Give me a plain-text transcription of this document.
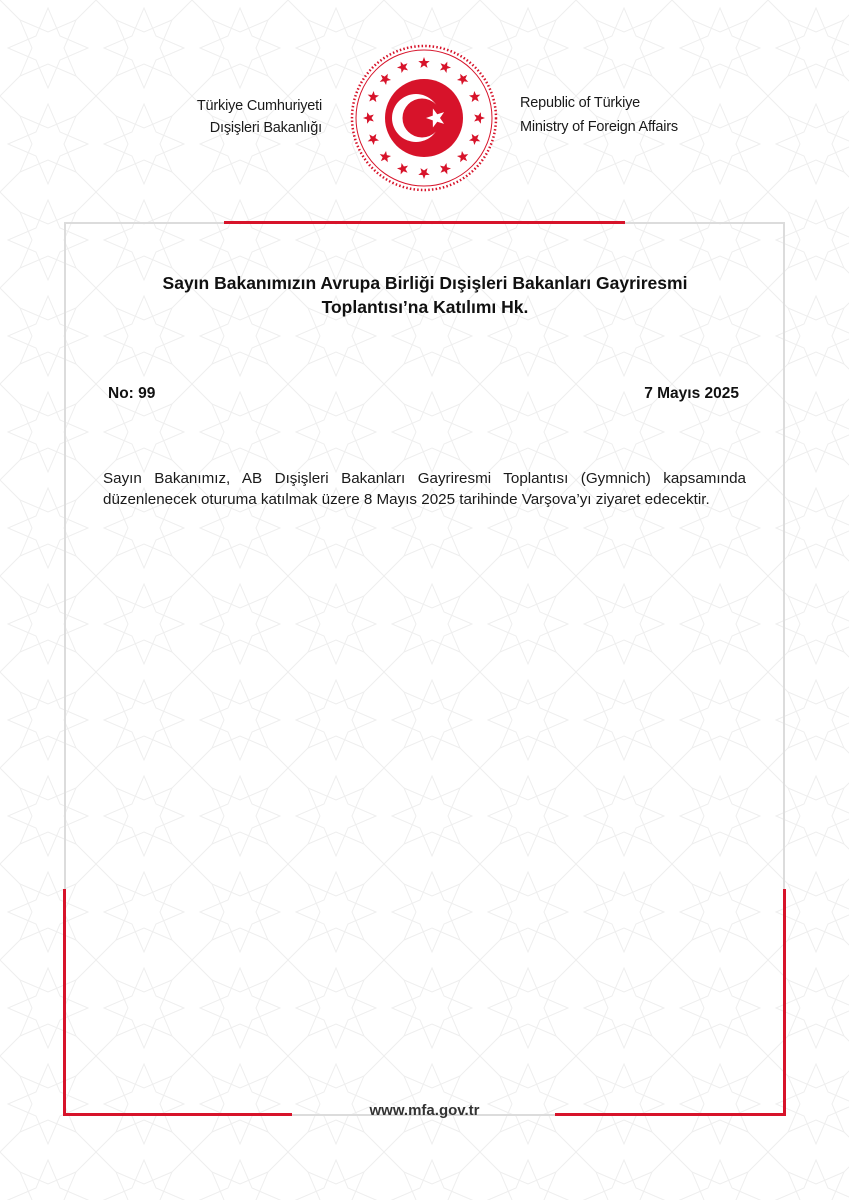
Türkiye Cumhuriyeti
Dışişleri Bakanlığı
Republic of Türkiye
Ministry of Foreign Affairs
Sayın Bakanımızın Avrupa Birliği Dışişleri Bakanları Gayriresmi
Toplantısı’na Katılımı Hk.
No: 99	7 Mayıs 2025
Sayın Bakanımız, AB Dışişleri Bakanları Gayriresmi Toplantısı (Gymnich) kapsamında düzenlenecek oturuma katılmak üzere 8 Mayıs 2025 tarihinde Varşova’yı ziyaret edecektir.
www.mfa.gov.tr
